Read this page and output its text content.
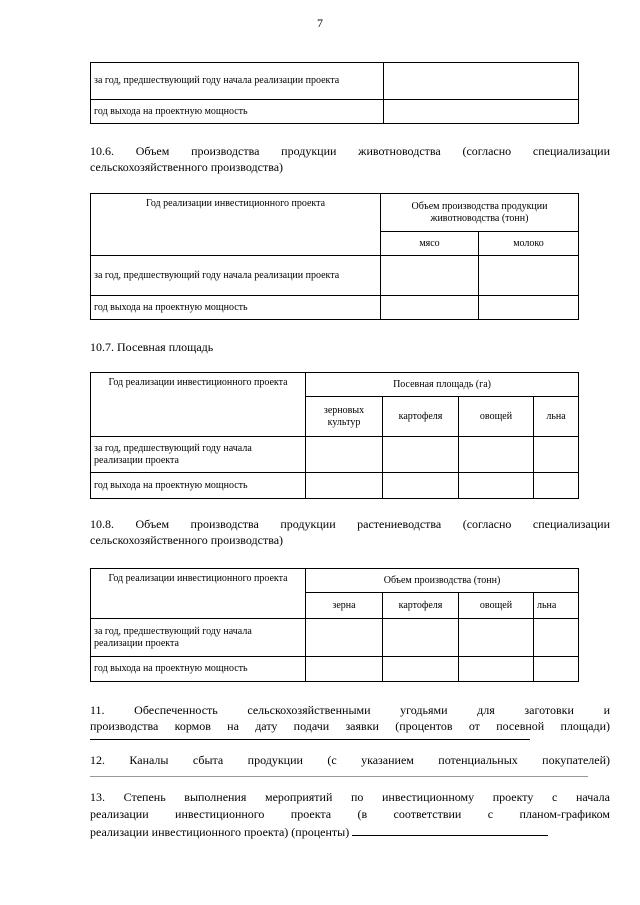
7
за год, предшествующий году начала реализации проекта	
год выхода на проектную мощность	
10.6. Объем производства продукции животноводства (согласно специализации сельскохозяйственного производства)
Год реализации инвестиционного проекта	Объем производства продукции животноводства (тонн)	
	мясо	молоко
за год, предшествующий году начала реализации проекта		
год выхода на проектную мощность		
10.7. Посевная площадь
Год реализации инвестиционного проекта	Посевная площадь (га)			
	зерновых культур	картофеля	овощей	льна
за год, предшествующий году начала реализации проекта				
год выхода на проектную мощность				
10.8. Объем производства продукции растениеводства (согласно специализации сельскохозяйственного производства)
Год реализации инвестиционного проекта	Объем производства (тонн)			
	зерна	картофеля	овощей	льна
за год, предшествующий году начала реализации проекта				
год выхода на проектную мощность				
11. Обеспеченность сельскохозяйственными угодьями для заготовки и
производства кормов на дату подачи заявки (процентов от посевной площади)
12. Каналы сбыта продукции (с указанием потенциальных покупателей)
13. Степень выполнения мероприятий по инвестиционному проекту с начала
реализации инвестиционного проекта (в соответствии с планом-графиком
реализации инвестиционного проекта) (проценты)
